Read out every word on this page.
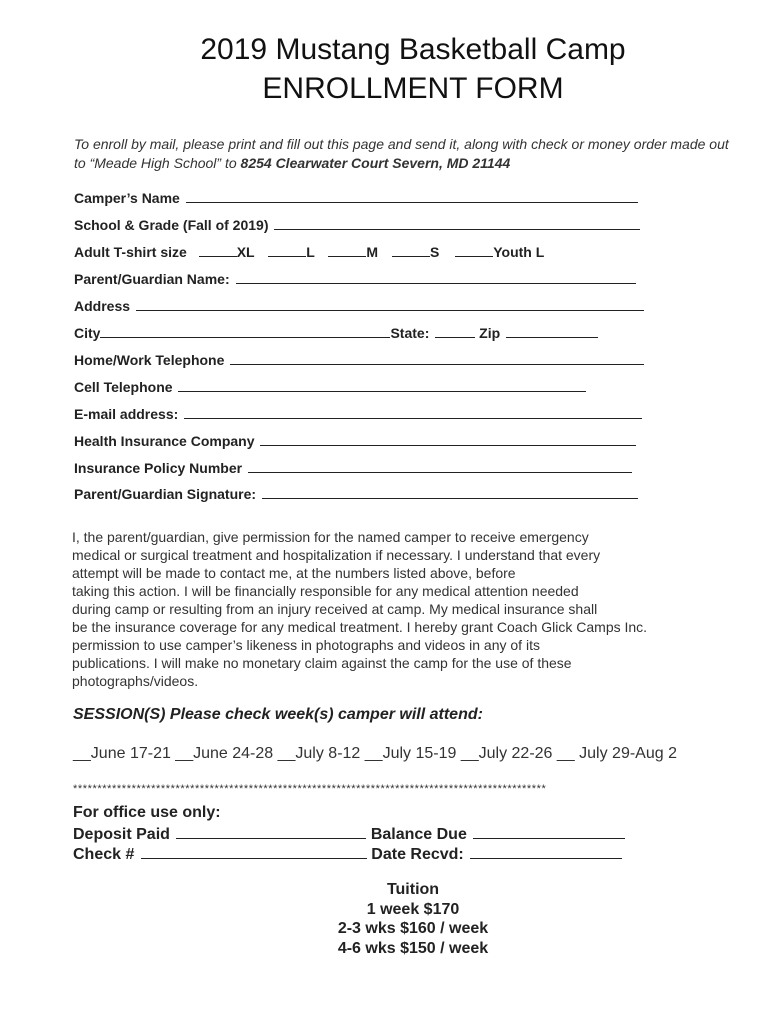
2019 Mustang Basketball Camp
ENROLLMENT FORM
To enroll by mail, please print and fill out this page and send it, along with check or money order made out to “Meade High School” to 8254 Clearwater Court Severn, MD 21144
Camper’s Name
School & Grade (Fall of 2019)
Adult T-shirt size	XL	L	M	S	Youth L
Parent/Guardian Name:
Address
City	State:	Zip
Home/Work Telephone
Cell Telephone
E-mail address:
Health Insurance Company
Insurance Policy Number
Parent/Guardian Signature:
I, the parent/guardian, give permission for the named camper to receive emergency
medical or surgical treatment and hospitalization if necessary. I understand that every
attempt will be made to contact me, at the numbers listed above, before
taking this action. I will be financially responsible for any medical attention needed
during camp or resulting from an injury received at camp. My medical insurance shall
be the insurance coverage for any medical treatment. I hereby grant Coach Glick Camps Inc.
permission to use camper’s likeness in photographs and videos in any of its
publications. I will make no monetary claim against the camp for the use of these
photographs/videos.
SESSION(S) Please check week(s) camper will attend:
__June 17-21 __June 24-28 __July 8-12 __July 15-19 __July 22-26 __ July 29-Aug 2
*************************************************************************************************
For office use only:
Deposit Paid	Balance Due
Check #	Date Recvd:
Tuition
1 week $170
2-3 wks $160 / week
4-6 wks $150 / week
